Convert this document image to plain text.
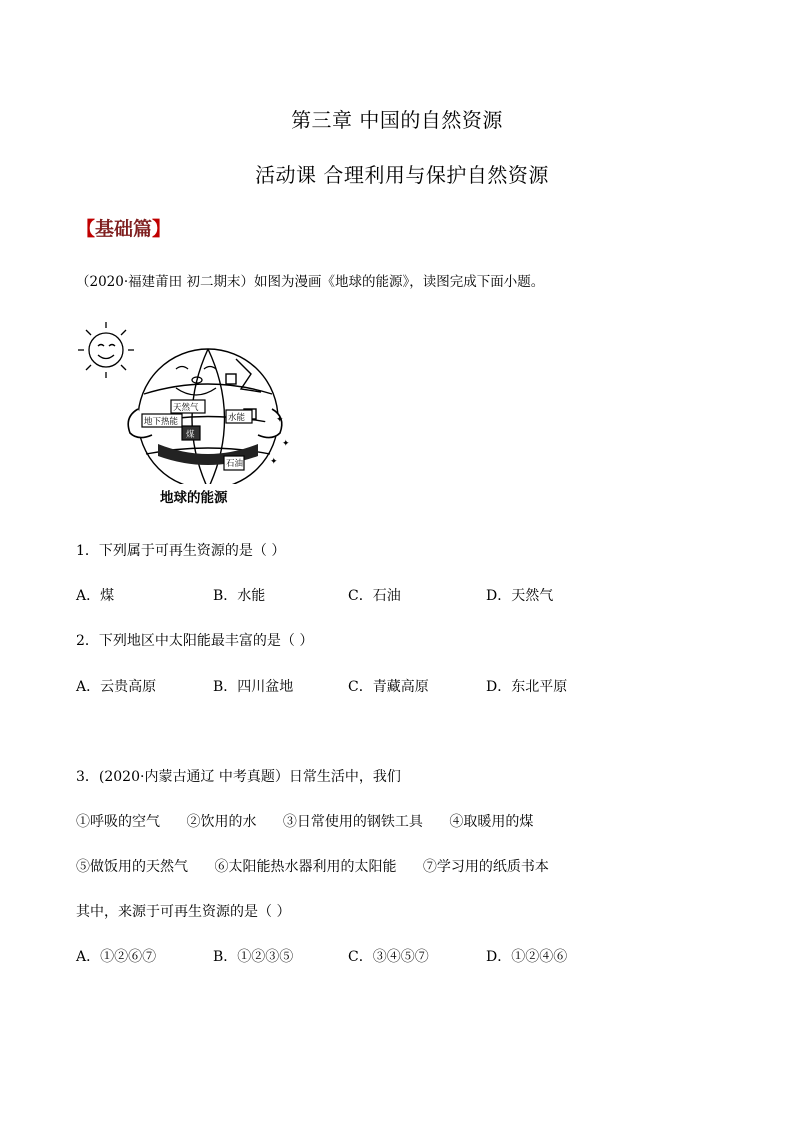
第三章 中国的自然资源
活动课 合理利用与保护自然资源
【基础篇】
（2020·福建莆田 初二期末）如图为漫画《地球的能源》，读图完成下面小题。
天然气
水能
地下热能
煤
石油
✦
✦
✦
地球的能源
1．下列属于可再生资源的是（ ）
A．煤	B．水能	C．石油	D．天然气
2．下列地区中太阳能最丰富的是（ ）
A．云贵高原	B．四川盆地	C．青藏高原	D．东北平原
3．(2020·内蒙古通辽 中考真题）日常生活中，我们
①呼吸的空气 ②饮用的水 ③日常使用的钢铁工具 ④取暖用的煤
⑤做饭用的天然气 ⑥太阳能热水器利用的太阳能 ⑦学习用的纸质书本
其中，来源于可再生资源的是（ ）
A．①②⑥⑦	B．①②③⑤	C．③④⑤⑦	D．①②④⑥
